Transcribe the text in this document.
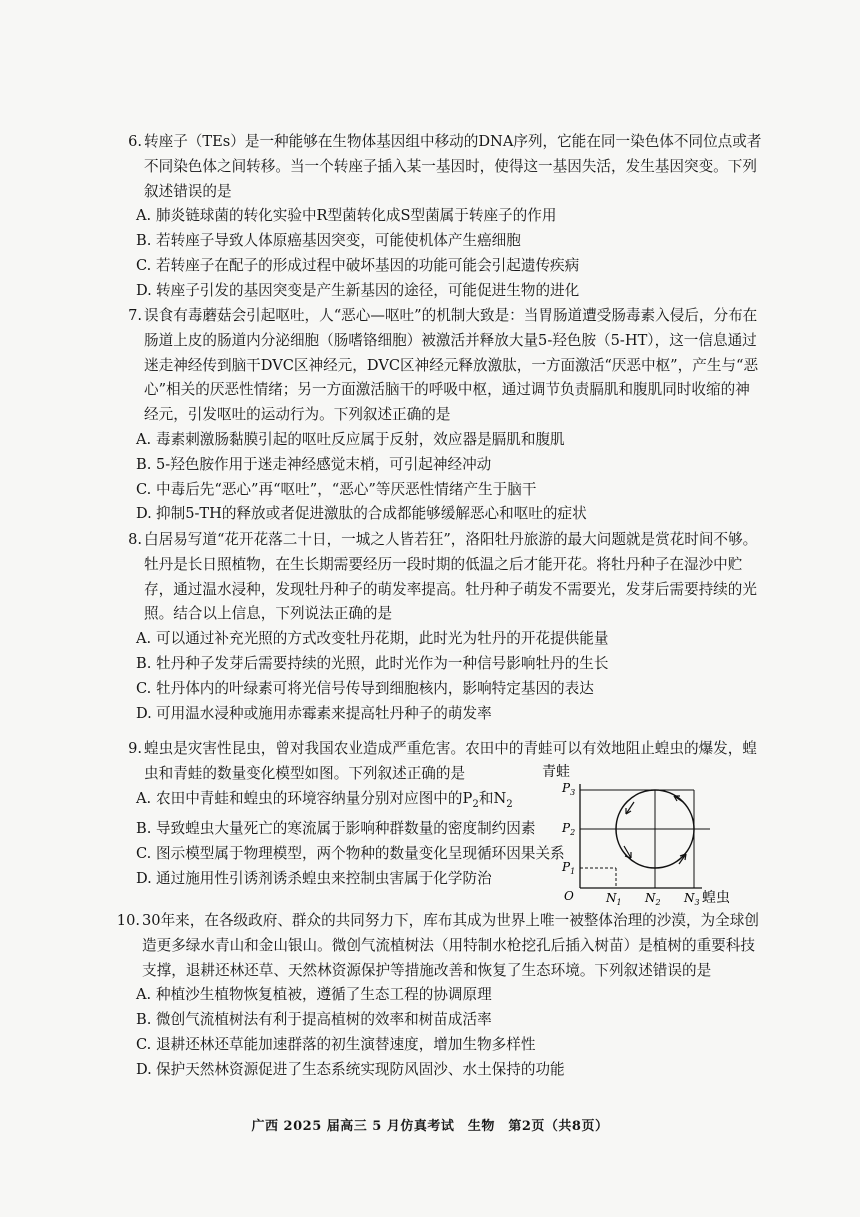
6. 转座子（TEs）是一种能够在生物体基因组中移动的DNA序列，它能在同一染色体不同位点或者不同染色体之间转移。当一个转座子插入某一基因时，使得这一基因失活，发生基因突变。下列叙述错误的是
A. 肺炎链球菌的转化实验中R型菌转化成S型菌属于转座子的作用
B. 若转座子导致人体原癌基因突变，可能使机体产生癌细胞
C. 若转座子在配子的形成过程中破坏基因的功能可能会引起遗传疾病
D. 转座子引发的基因突变是产生新基因的途径，可能促进生物的进化
7. 误食有毒蘑菇会引起呕吐，人“恶心—呕吐”的机制大致是：当胃肠道遭受肠毒素入侵后，分布在肠道上皮的肠道内分泌细胞（肠嗜铬细胞）被激活并释放大量5-羟色胺（5-HT），这一信息通过迷走神经传到脑干DVC区神经元，DVC区神经元释放激肽，一方面激活“厌恶中枢”，产生与“恶心”相关的厌恶性情绪；另一方面激活脑干的呼吸中枢，通过调节负责膈肌和腹肌同时收缩的神经元，引发呕吐的运动行为。下列叙述正确的是
A. 毒素刺激肠黏膜引起的呕吐反应属于反射，效应器是膈肌和腹肌
B. 5-羟色胺作用于迷走神经感觉末梢，可引起神经冲动
C. 中毒后先“恶心”再“呕吐”，“恶心”等厌恶性情绪产生于脑干
D. 抑制5-TH的释放或者促进激肽的合成都能够缓解恶心和呕吐的症状
8. 白居易写道“花开花落二十日，一城之人皆若狂”，洛阳牡丹旅游的最大问题就是赏花时间不够。牡丹是长日照植物，在生长期需要经历一段时期的低温之后才能开花。将牡丹种子在湿沙中贮存，通过温水浸种，发现牡丹种子的萌发率提高。牡丹种子萌发不需要光，发芽后需要持续的光照。结合以上信息，下列说法正确的是
A. 可以通过补充光照的方式改变牡丹花期，此时光为牡丹的开花提供能量
B. 牡丹种子发芽后需要持续的光照，此时光作为一种信号影响牡丹的生长
C. 牡丹体内的叶绿素可将光信号传导到细胞核内，影响特定基因的表达
D. 可用温水浸种或施用赤霉素来提高牡丹种子的萌发率
9. 蝗虫是灾害性昆虫，曾对我国农业造成严重危害。农田中的青蛙可以有效地阻止蝗虫的爆发，蝗虫和青蛙的数量变化模型如图。下列叙述正确的是
A. 农田中青蛙和蝗虫的环境容纳量分别对应图中的$P_2$和$N_2$
B. 导致蝗虫大量死亡的寒流属于影响种群数量的密度制约因素
C. 图示模型属于物理模型，两个物种的数量变化呈现循环因果关系
D. 通过施用性引诱剂诱杀蝗虫来控制虫害属于化学防治
青蛙
$P_3$
$P_2$
$P_1$
O	$N_1$ $N_2$ $N_3$ 蝗虫
10. 30年来，在各级政府、群众的共同努力下，库布其成为世界上唯一被整体治理的沙漠，为全球创造更多绿水青山和金山银山。微创气流植树法（用特制水枪挖孔后插入树苗）是植树的重要科技支撑，退耕还林还草、天然林资源保护等措施改善和恢复了生态环境。下列叙述错误的是
A. 种植沙生植物恢复植被，遵循了生态工程的协调原理
B. 微创气流植树法有利于提高植树的效率和树苗成活率
C. 退耕还林还草能加速群落的初生演替速度，增加生物多样性
D. 保护天然林资源促进了生态系统实现防风固沙、水土保持的功能
广西 2025 届高三 5 月仿真考试　生物　第2页（共8页）
